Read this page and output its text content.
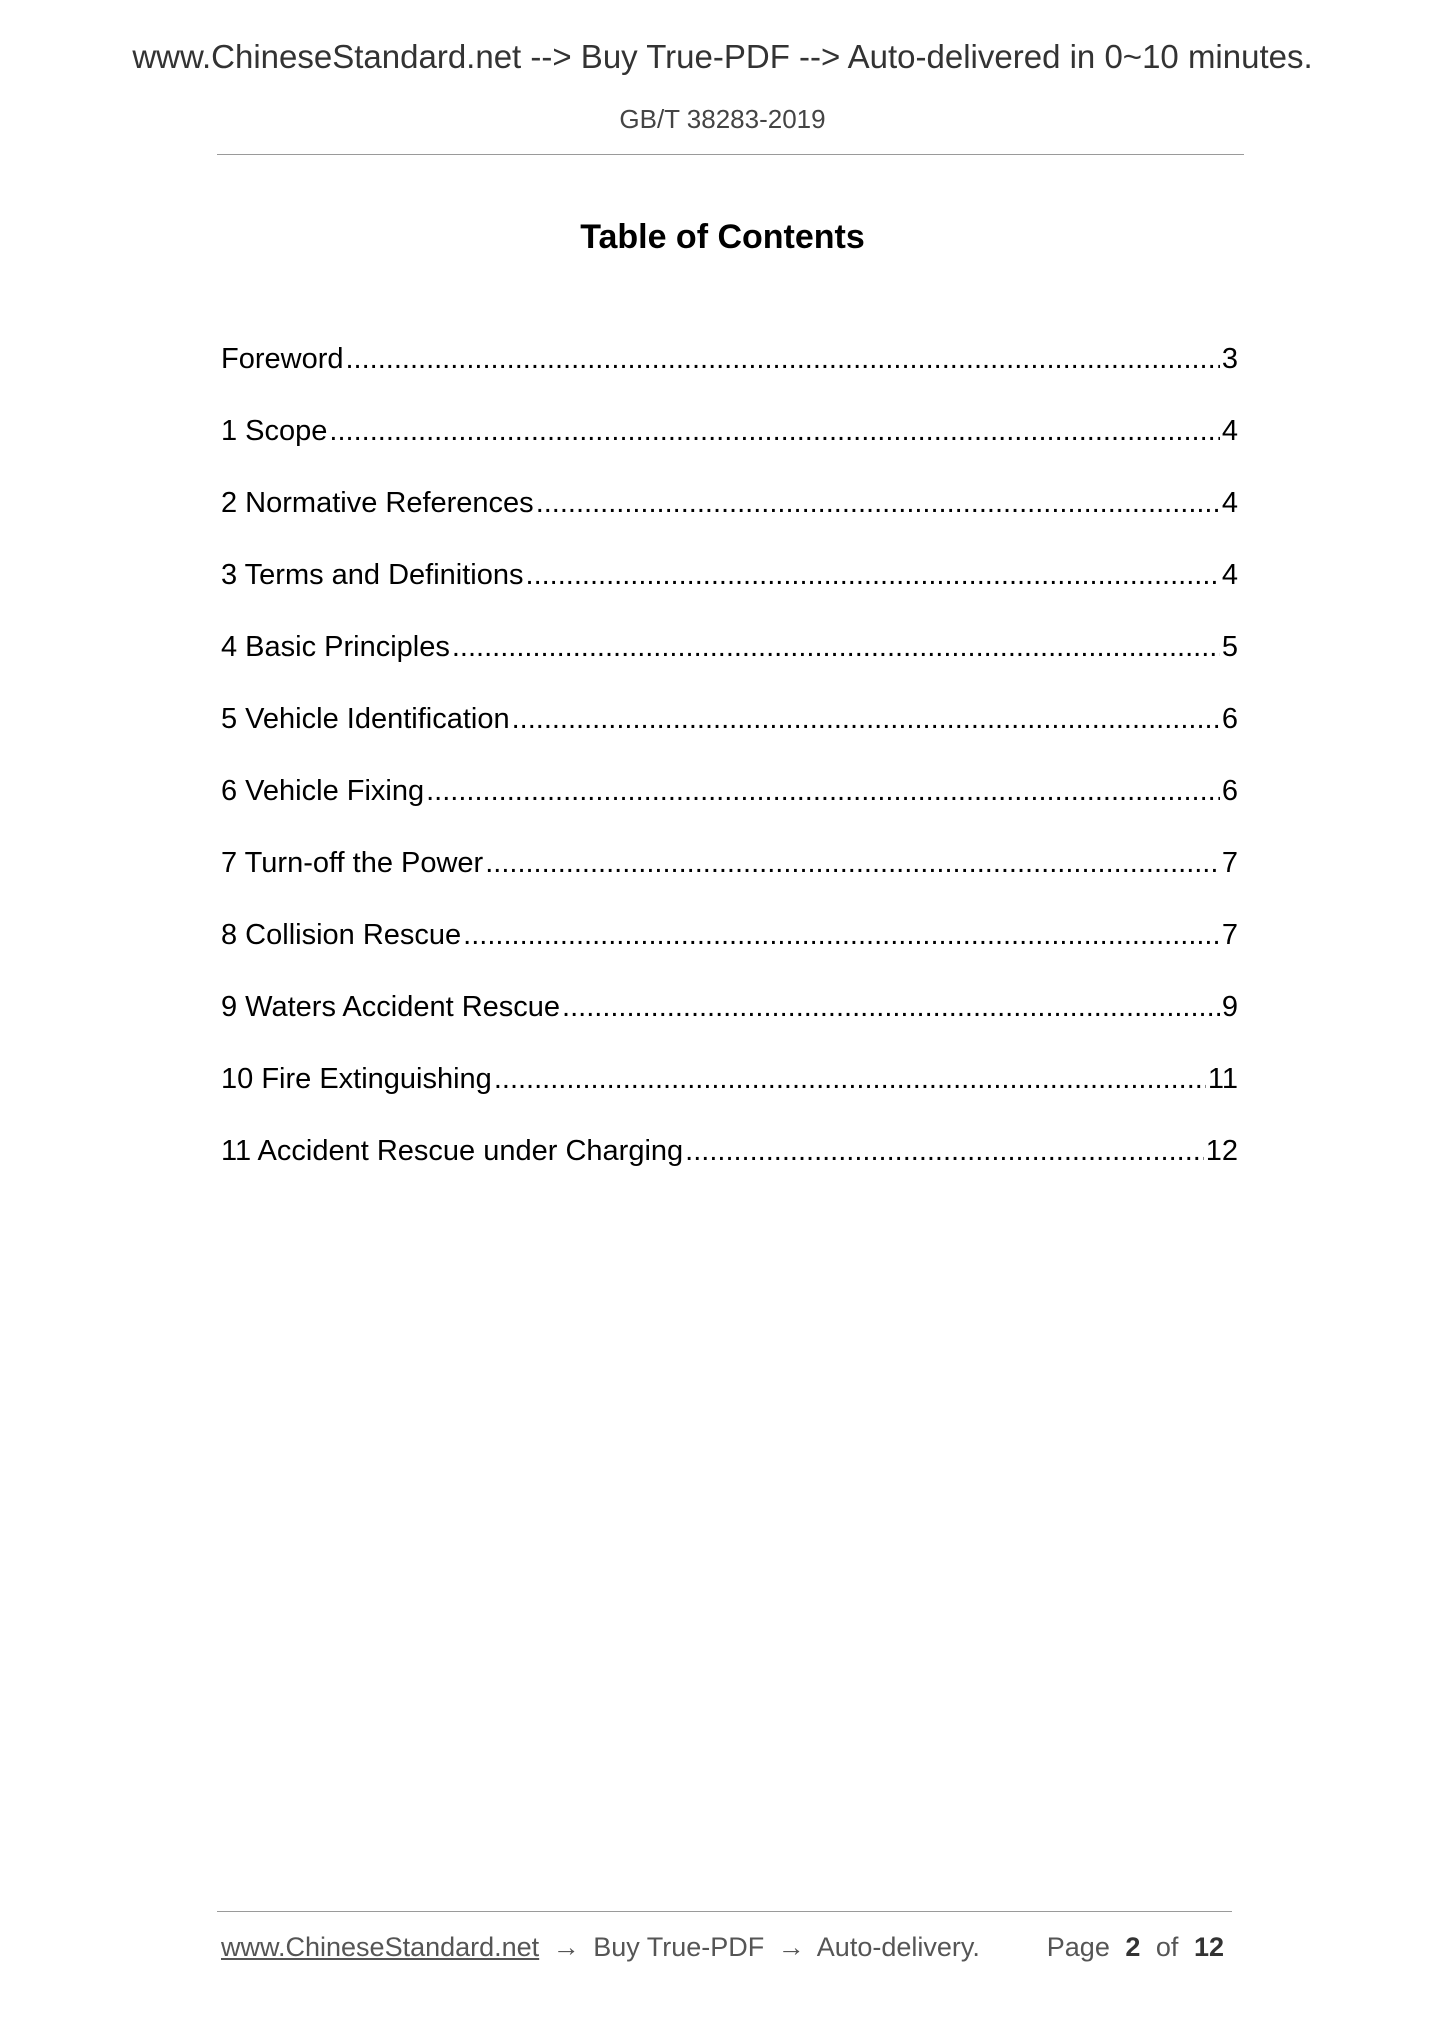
www.ChineseStandard.net --> Buy True-PDF --> Auto-delivered in 0~10 minutes.
GB/T 38283-2019
Table of Contents
Foreword .....	3
1 Scope .....	4
2 Normative References .....	4
3 Terms and Definitions .....	4
4 Basic Principles .....	5
5 Vehicle Identification .....	6
6 Vehicle Fixing .....	6
7 Turn-off the Power .....	7
8 Collision Rescue .....	7
9 Waters Accident Rescue .....	9
10 Fire Extinguishing .....	11
11 Accident Rescue under Charging .....	12
www.ChineseStandard.net → Buy True-PDF → Auto-delivery. Page 2 of 12
